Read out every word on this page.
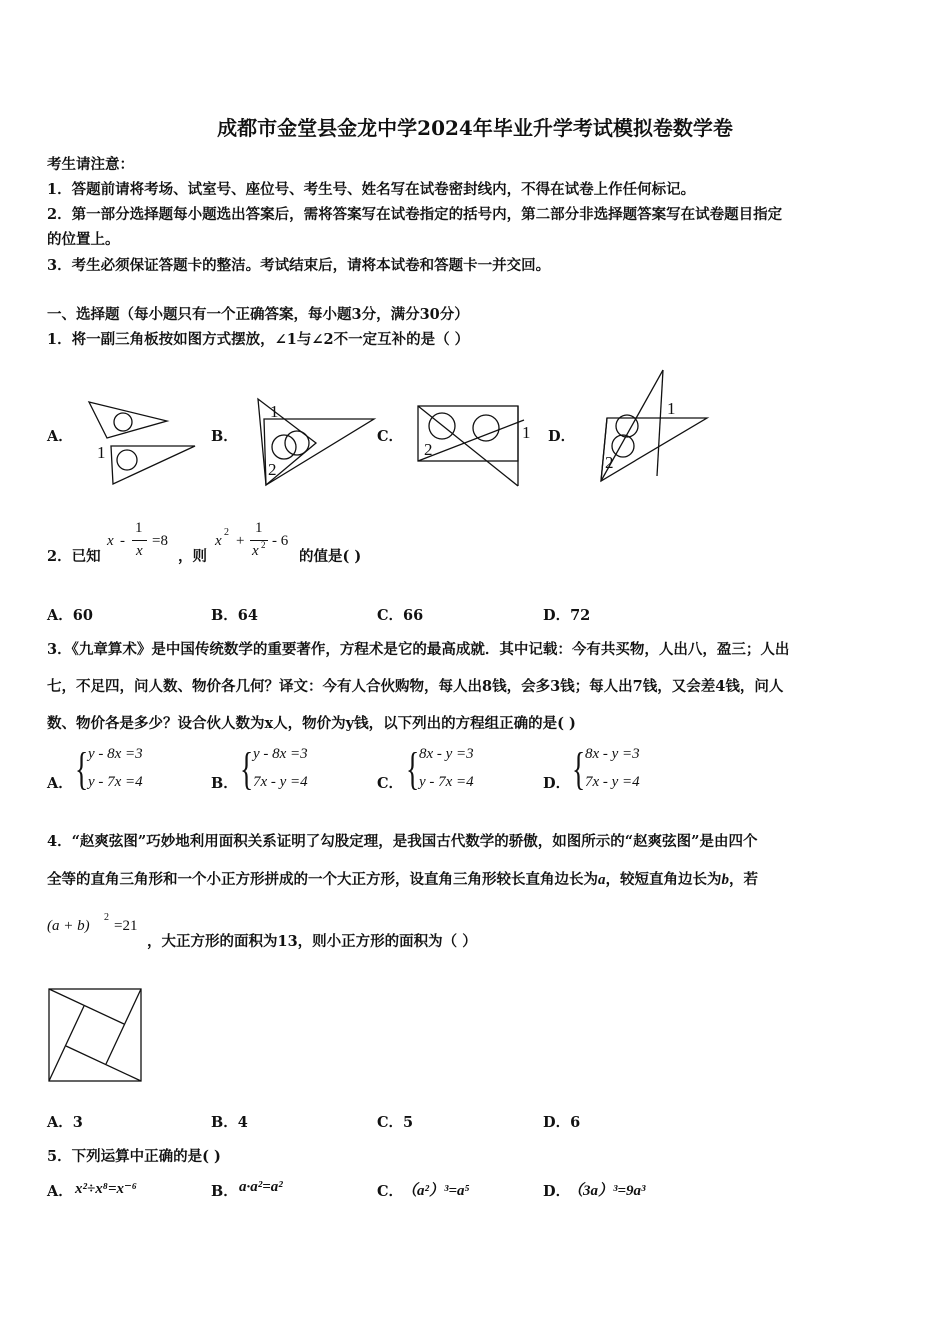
成都市金堂县金龙中学2024年毕业升学考试模拟卷数学卷
考生请注意：
1．答题前请将考场、试室号、座位号、考生号、姓名写在试卷密封线内，不得在试卷上作任何标记。
2．第一部分选择题每小题选出答案后，需将答案写在试卷指定的括号内，第二部分非选择题答案写在试卷题目指定
的位置上。
3．考生必须保证答题卡的整洁。考试结束后，请将本试卷和答题卡一并交回。
一、选择题（每小题只有一个正确答案，每小题3分，满分30分）
1．将一副三角板按如图方式摆放，∠1与∠2不一定互补的是（ ）
A．	B．	C．	D．
1
1
2
2
1
1
2
2．已知
x -
1
x
=8
，则
x
2
+
1
x 2 - 6
的值是( )
A．60	B．64	C．66	D．72
3．《九章算术》是中国传统数学的重要著作，方程术是它的最高成就．其中记载：今有共买物，人出八，盈三；人出
七，不足四，问人数、物价各几何？译文：今有人合伙购物，每人出8钱，会多3钱；每人出7钱，又会差4钱，问人
数、物价各是多少？设合伙人数为x人，物价为y钱，以下列出的方程组正确的是( )
A． { y - 8x =3
y - 7x =4	B． { y - 8x =3
7x - y =4	C． { 8x - y =3
y - 7x =4	D． { 8x - y =3
7x - y =4
4．“赵爽弦图”巧妙地利用面积关系证明了勾股定理，是我国古代数学的骄傲，如图所示的“赵爽弦图”是由四个
全等的直角三角形和一个小正方形拼成的一个大正方形，设直角三角形较长直角边长为a，较短直角边长为b，若
(a + b)
2
=21
，大正方形的面积为13，则小正方形的面积为（ ）
A．3	B．4	C．5	D．6
5．下列运算中正确的是( )
A． x²÷x⁸=x⁻⁶	B． a·a²=a²	C．
（a²）³=a⁵	D．
（3a）³=9a³
